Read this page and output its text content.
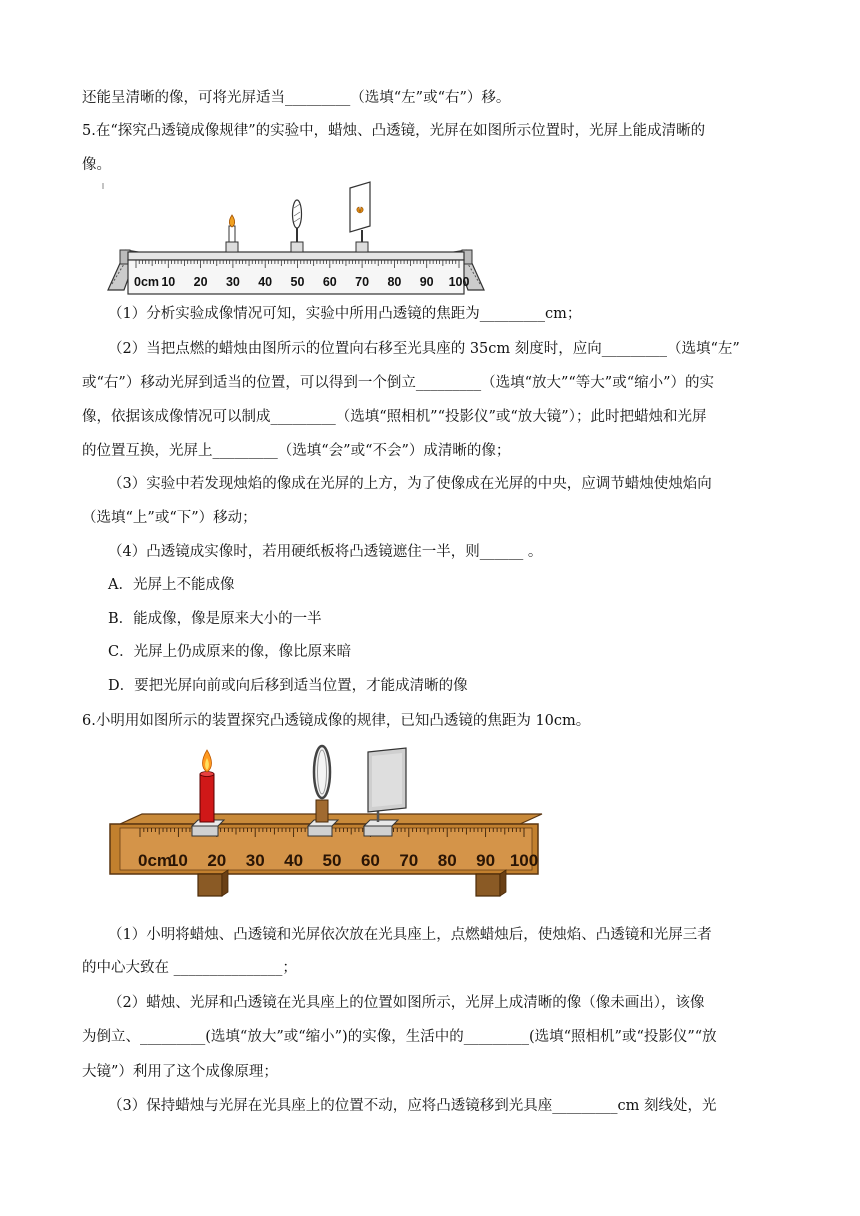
还能呈清晰的像，可将光屏适当_________（选填“左”或“右”）移。
5.在“探究凸透镜成像规律”的实验中，蜡烛、凸透镜，光屏在如图所示位置时，光屏上能成清晰的
像。
0cm 10 20 30 40 50 60 70 80 90 100
（1）分析实验成像情况可知，实验中所用凸透镜的焦距为_________cm；
（2）当把点燃的蜡烛由图所示的位置向右移至光具座的 35cm 刻度时，应向_________（选填“左”
或“右”）移动光屏到适当的位置，可以得到一个倒立_________（选填“放大”“等大”或“缩小”）的实
像，依据该成像情况可以制成_________（选填“照相机”“投影仪”或“放大镜”）；此时把蜡烛和光屏
的位置互换，光屏上_________（选填“会”或“不会”）成清晰的像；
（3）实验中若发现烛焰的像成在光屏的上方，为了使像成在光屏的中央，应调节蜡烛使烛焰向
（选填“上”或“下”）移动；
（4）凸透镜成实像时，若用硬纸板将凸透镜遮住一半，则______ 。
A．光屏上不能成像
B．能成像，像是原来大小的一半
C．光屏上仍成原来的像，像比原来暗
D．要把光屏向前或向后移到适当位置，才能成清晰的像
6.小明用如图所示的装置探究凸透镜成像的规律，已知凸透镜的焦距为 10cm。
0cm
10 20 30 40 50 60 70 80 90 100
（1）小明将蜡烛、凸透镜和光屏依次放在光具座上，点燃蜡烛后，使烛焰、凸透镜和光屏三者
的中心大致在 _______________；
（2）蜡烛、光屏和凸透镜在光具座上的位置如图所示，光屏上成清晰的像（像未画出），该像
为倒立、_________(选填“放大”或“缩小”)的实像，生活中的_________(选填“照相机”或“投影仪”“放
大镜”）利用了这个成像原理；
（3）保持蜡烛与光屏在光具座上的位置不动，应将凸透镜移到光具座_________cm 刻线处，光
